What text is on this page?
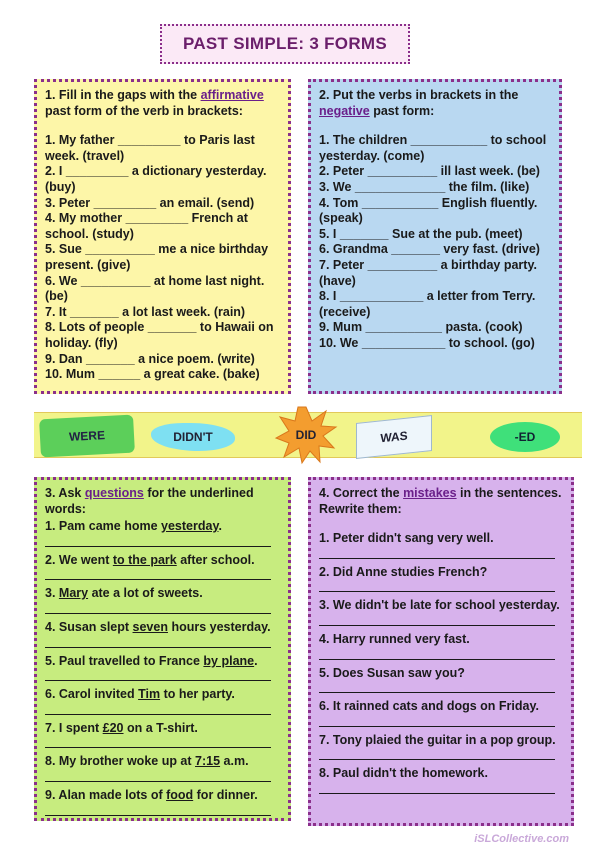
PAST SIMPLE: 3 FORMS

1. Fill in the gaps with the affirmative past form of the verb in brackets:

1. My father _________ to Paris last week. (travel)

2. I _________ a dictionary yesterday. (buy)

3. Peter _________ an email. (send)

4. My mother _________ French at school. (study)

5. Sue __________ me a nice birthday present. (give)

6. We __________ at home last night. (be)

7. It _______ a lot last week. (rain)

8. Lots of people _______ to Hawaii on holiday. (fly)

9. Dan _______ a nice poem. (write)

10. Mum ______ a great cake. (bake)

2. Put the verbs in brackets in the negative past form:

1. The children ___________ to school yesterday. (come)

2. Peter __________ ill last week. (be)

3. We _____________ the film. (like)

4. Tom ___________ English fluently. (speak)

5. I _______ Sue at the pub. (meet)

6. Grandma _______ very fast. (drive)

7. Peter __________ a birthday party. (have)

8. I ____________ a letter from Terry. (receive)

9. Mum ___________ pasta. (cook)

10. We ____________ to school. (go)

WERE	DIDN'T	DID	WAS	-ED

3. Ask questions for the underlined words:

1. Pam came home yesterday.

2. We went to the park after school.

3. Mary ate a lot of sweets.

4. Susan slept seven hours yesterday.

5. Paul travelled to France by plane.

6. Carol invited Tim to her party.

7. I spent £20 on a T-shirt.

8. My brother woke up at 7:15 a.m.

9. Alan made lots of food for dinner.

4. Correct the mistakes in the sentences. Rewrite them:

1. Peter didn't sang very well.

2. Did Anne studies French?

3. We didn't be late for school yesterday.

4. Harry runned very fast.

5. Does Susan saw you?

6. It rainned cats and dogs on Friday.

7. Tony plaied the guitar in a pop group.

8. Paul didn't the homework.

iSLCollective.com
